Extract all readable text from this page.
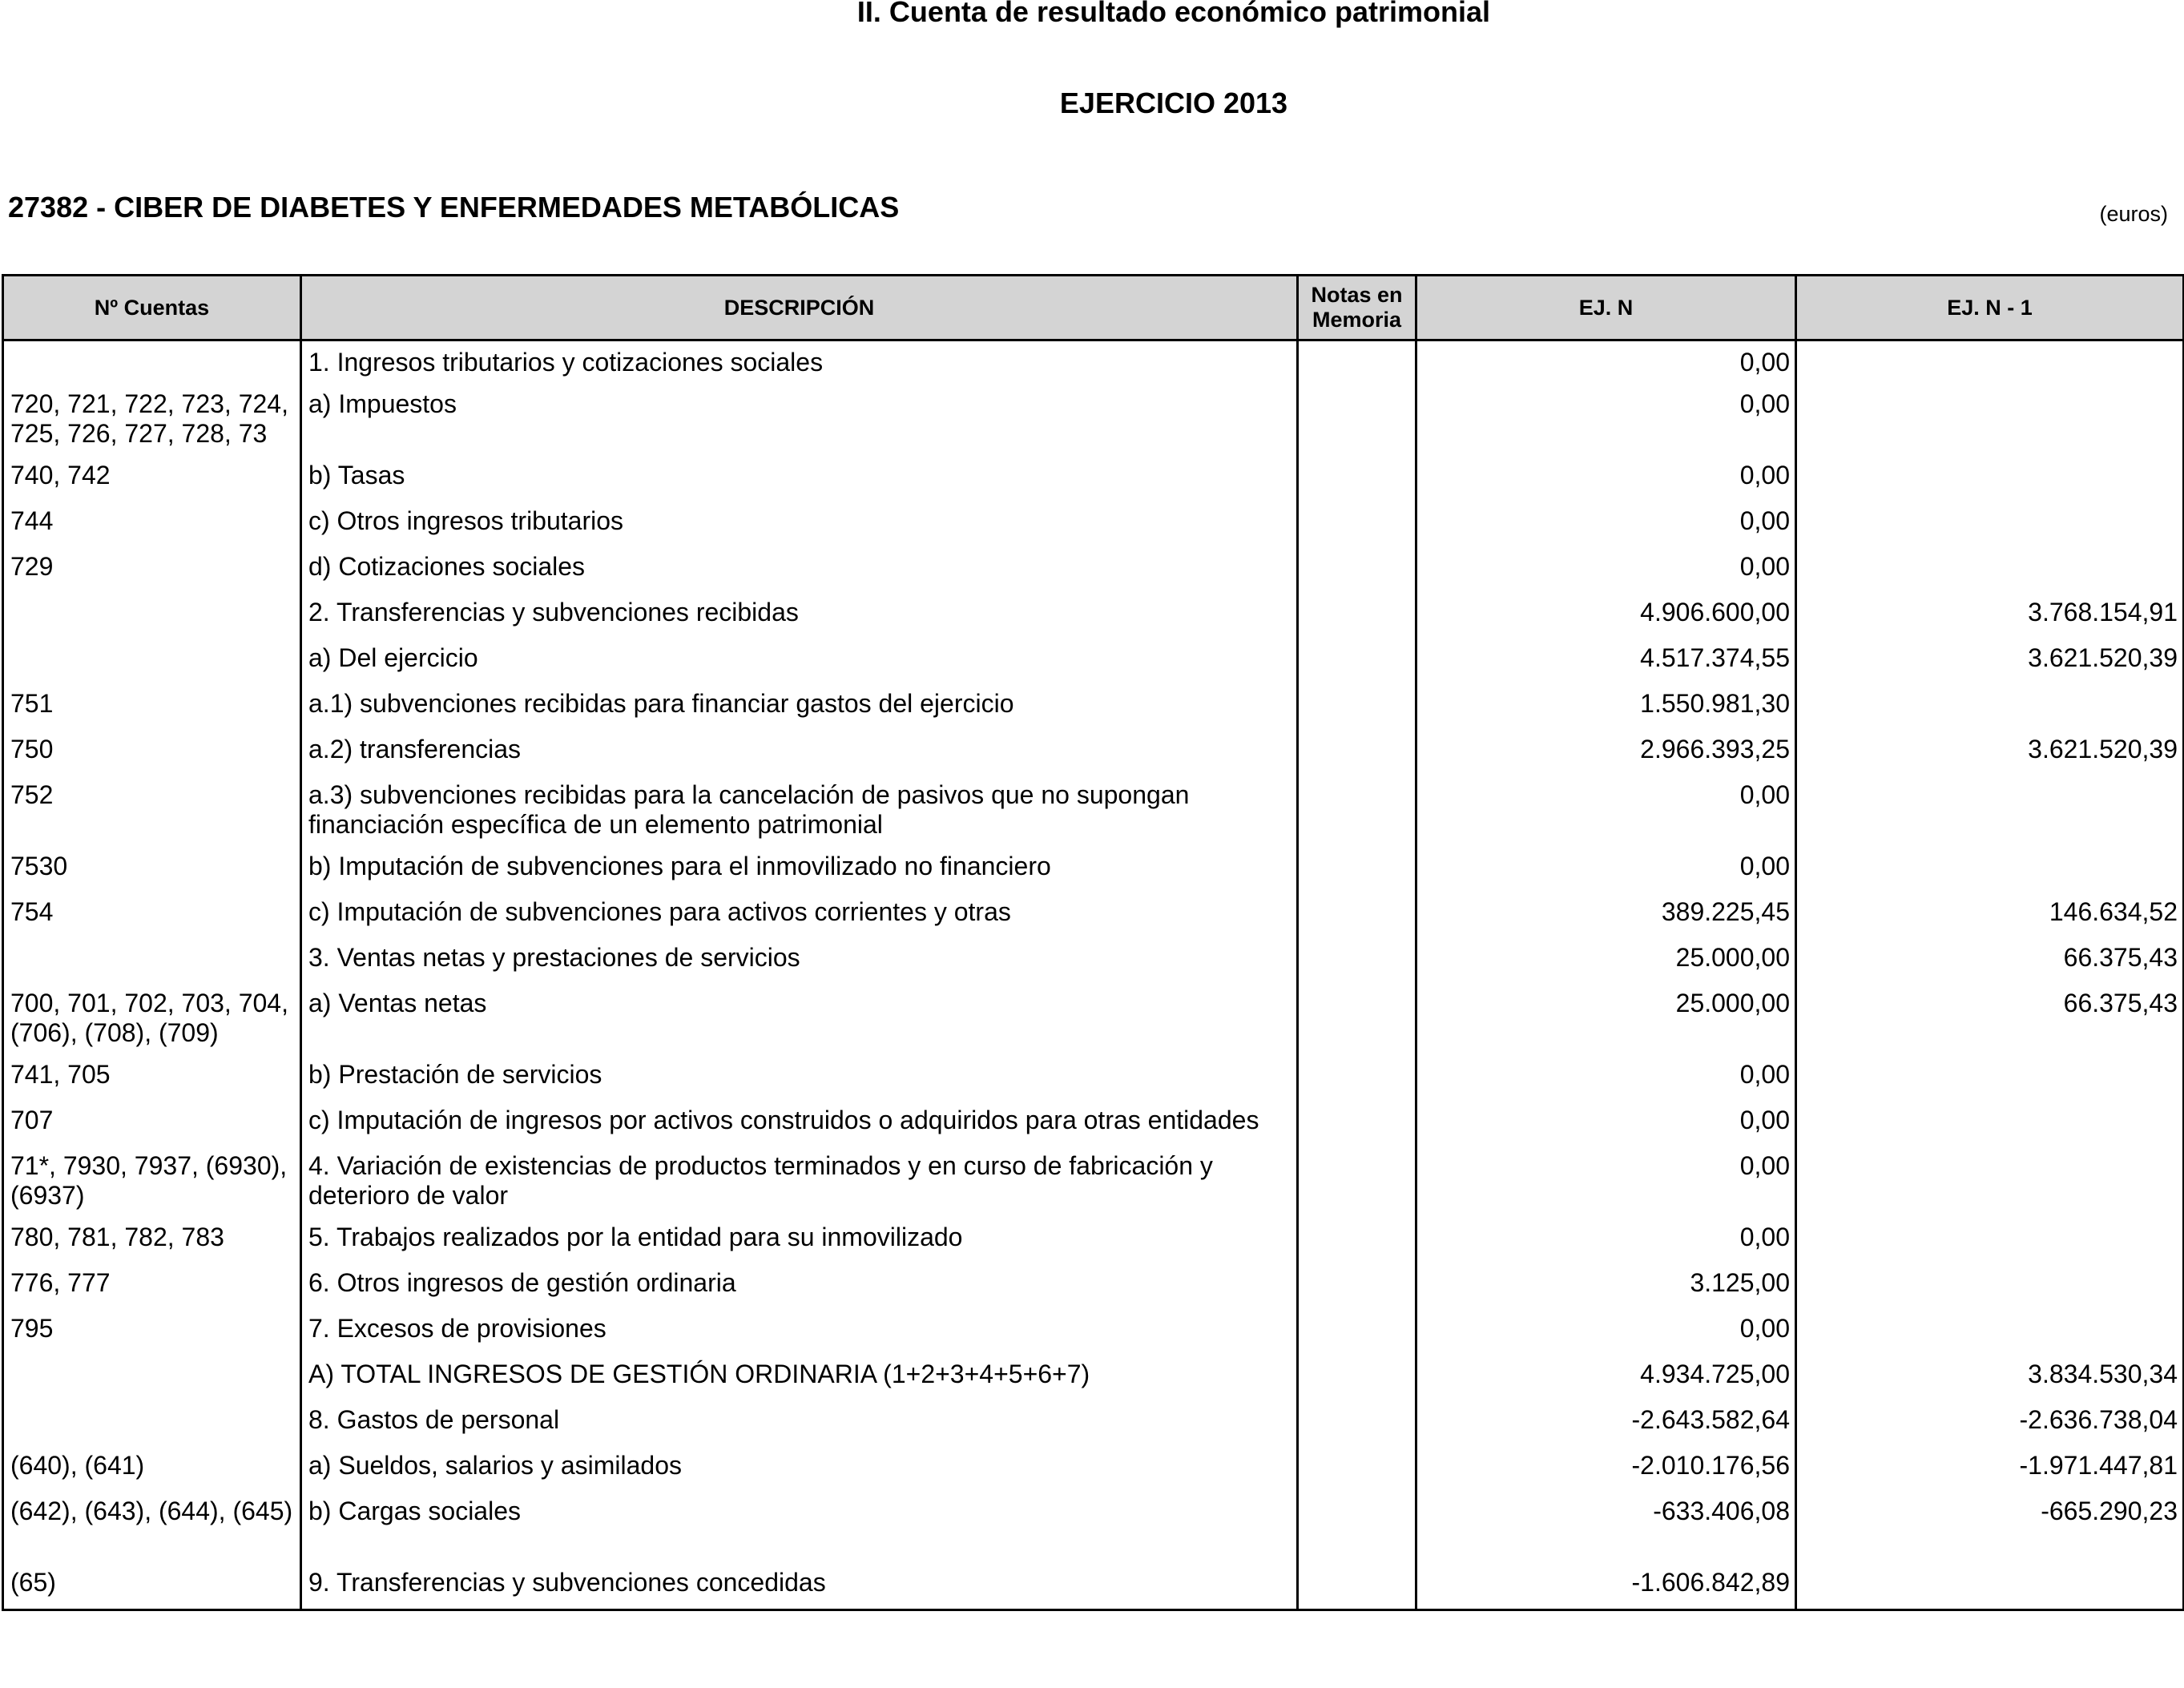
II. Cuenta de resultado económico patrimonial
EJERCICIO 2013
27382 - CIBER DE DIABETES Y ENFERMEDADES METABÓLICAS	(euros)
Nº Cuentas	DESCRIPCIÓN	Notas en Memoria	EJ. N	EJ. N - 1
	1. Ingresos tributarios y cotizaciones sociales		0,00	
720, 721, 722, 723, 724, 725, 726, 727, 728, 73	a) Impuestos		0,00	
740, 742	b) Tasas		0,00	
744	c) Otros ingresos tributarios		0,00	
729	d) Cotizaciones sociales		0,00	
	2. Transferencias y subvenciones recibidas		4.906.600,00	3.768.154,91
	a) Del ejercicio		4.517.374,55	3.621.520,39
751	a.1) subvenciones recibidas para financiar gastos del ejercicio		1.550.981,30	
750	a.2) transferencias		2.966.393,25	3.621.520,39
752	a.3) subvenciones recibidas para la cancelación de pasivos que no supongan financiación específica de un elemento patrimonial		0,00	
7530	b) Imputación de subvenciones para el inmovilizado no financiero		0,00	
754	c) Imputación de subvenciones para activos corrientes y otras		389.225,45	146.634,52
	3. Ventas netas y prestaciones de servicios		25.000,00	66.375,43
700, 701, 702, 703, 704, (706), (708), (709)	a) Ventas netas		25.000,00	66.375,43
741, 705	b) Prestación de servicios		0,00	
707	c) Imputación de ingresos por activos construidos o adquiridos para otras entidades		0,00	
71*, 7930, 7937, (6930), (6937)	4. Variación de existencias de productos terminados y en curso de fabricación y deterioro de valor		0,00	
780, 781, 782, 783	5. Trabajos realizados por la entidad para su inmovilizado		0,00	
776, 777	6. Otros ingresos de gestión ordinaria		3.125,00	
795	7. Excesos de provisiones		0,00	
	A) TOTAL INGRESOS DE GESTIÓN ORDINARIA (1+2+3+4+5+6+7)		4.934.725,00	3.834.530,34
	8. Gastos de personal		-2.643.582,64	-2.636.738,04
(640), (641)	a) Sueldos, salarios y asimilados		-2.010.176,56	-1.971.447,81
(642), (643), (644), (645)	b) Cargas sociales		-633.406,08	-665.290,23
(65)	9. Transferencias y subvenciones concedidas		-1.606.842,89	
